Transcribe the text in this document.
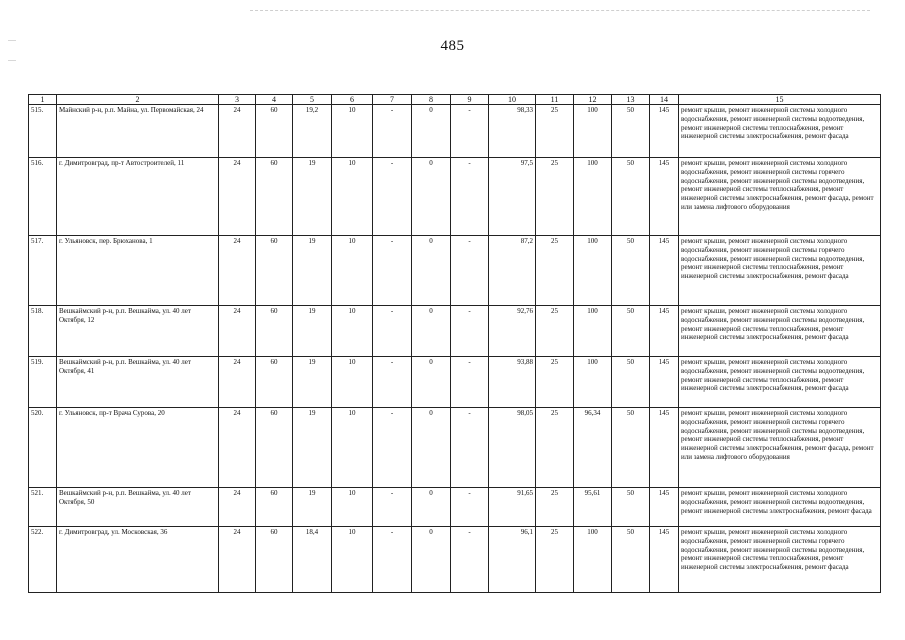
485
1	2	3	4	5	6	7	8	9	10	11	12	13	14	15
515.	Майнский р-н, р.п. Майна, ул. Первомайская, 24	24	60	19,2	10	-	0	-	98,33	25	100	50	145	ремонт крыши, ремонт инженерной системы холодного водоснабжения, ремонт инженерной системы водоотведения, ремонт инженерной системы теплоснабжения, ремонт инженерной системы электроснабжения, ремонт фасада
516.	г. Димитровград, пр-т Автостроителей, 11	24	60	19	10	-	0	-	97,5	25	100	50	145	ремонт крыши, ремонт инженерной системы холодного водоснабжения, ремонт инженерной системы горячего водоснабжения, ремонт инженерной системы водоотведения, ремонт инженерной системы теплоснабжения, ремонт инженерной системы электроснабжения, ремонт фасада, ремонт или замена лифтового оборудования
517.	г. Ульяновск, пер. Брюханова, 1	24	60	19	10	-	0	-	87,2	25	100	50	145	ремонт крыши, ремонт инженерной системы холодного водоснабжения, ремонт инженерной системы горячего водоснабжения, ремонт инженерной системы водоотведения, ремонт инженерной системы теплоснабжения, ремонт инженерной системы электроснабжения, ремонт фасада
518.	Вешкаймский р-н, р.п. Вешкайма, ул. 40 лет Октября, 12	24	60	19	10	-	0	-	92,76	25	100	50	145	ремонт крыши, ремонт инженерной системы холодного водоснабжения, ремонт инженерной системы водоотведения, ремонт инженерной системы теплоснабжения, ремонт инженерной системы электроснабжения, ремонт фасада
519.	Вешкаймский р-н, р.п. Вешкайма, ул. 40 лет Октября, 41	24	60	19	10	-	0	-	93,88	25	100	50	145	ремонт крыши, ремонт инженерной системы холодного водоснабжения, ремонт инженерной системы водоотведения, ремонт инженерной системы теплоснабжения, ремонт инженерной системы электроснабжения, ремонт фасада
520.	г. Ульяновск, пр-т Врача Сурова, 20	24	60	19	10	-	0	-	98,05	25	96,34	50	145	ремонт крыши, ремонт инженерной системы холодного водоснабжения, ремонт инженерной системы горячего водоснабжения, ремонт инженерной системы водоотведения, ремонт инженерной системы теплоснабжения, ремонт инженерной системы электроснабжения, ремонт фасада, ремонт или замена лифтового оборудования
521.	Вешкаймский р-н, р.п. Вешкайма, ул. 40 лет Октября, 50	24	60	19	10	-	0	-	91,65	25	95,61	50	145	ремонт крыши, ремонт инженерной системы холодного водоснабжения, ремонт инженерной системы водоотведения, ремонт инженерной системы электроснабжения, ремонт фасада
522.	г. Димитровград, ул. Московская, 36	24	60	18,4	10	-	0	-	96,1	25	100	50	145	ремонт крыши, ремонт инженерной системы холодного водоснабжения, ремонт инженерной системы горячего водоснабжения, ремонт инженерной системы водоотведения, ремонт инженерной системы теплоснабжения, ремонт инженерной системы электроснабжения, ремонт фасада
